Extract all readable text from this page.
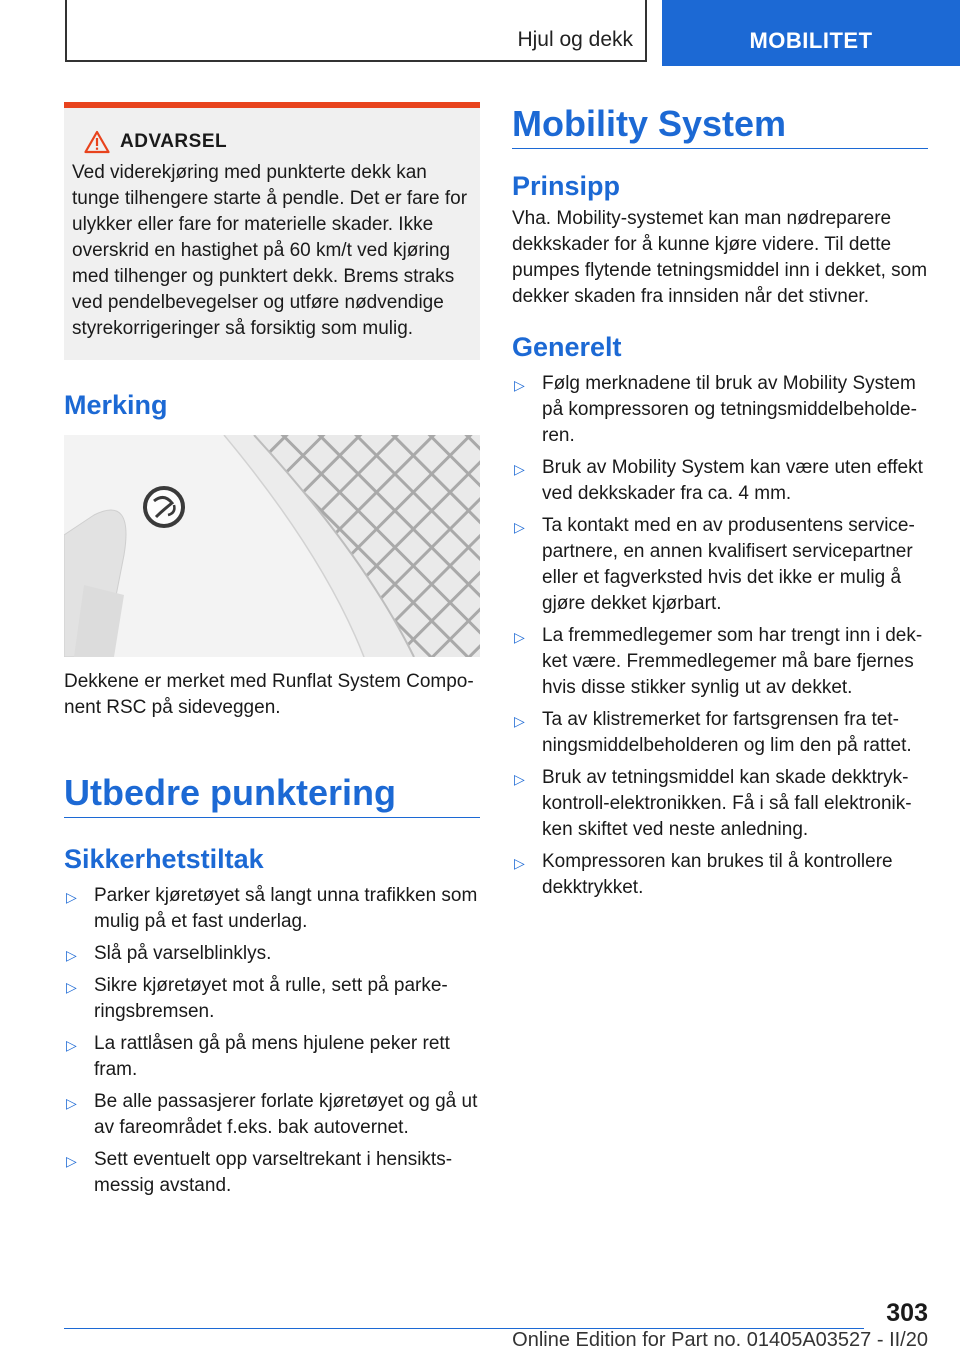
Hjul og dekk	MOBILITET
ADVARSEL

Ved viderekjøring med punkterte dekk kan tunge tilhengere starte å pendle. Det er fare for ulykker eller fare for materielle skader. Ikke overskrid en hastighet på 60 km/t ved kjøring med tilhenger og punktert dekk. Brems straks ved pendelbevegelser og utføre nødvendige styrekorrigeringer så forsiktig som mulig.

Merking

Dekkene er merket med Runflat System Component RSC på sideveggen.

Utbedre punktering
Sikkerhetstiltak
▷ Parker kjøretøyet så langt unna trafikken som mulig på et fast underlag.
▷ Slå på varselblinklys.
▷ Sikre kjøretøyet mot å rulle, sett på parkeringsbremsen.
▷ La rattlåsen gå på mens hjulene peker rett fram.
▷ Be alle passasjerer forlate kjøretøyet og gå ut av fareområdet f.eks. bak autovernet.
▷ Sett eventuelt opp varseltrekant i hensiktsmessig avstand.
Mobility System
Prinsipp

Vha. Mobility-systemet kan man nødreparere dekkskader for å kunne kjøre videre. Til dette pumpes flytende tetningsmiddel inn i dekket, som dekker skaden fra innsiden når det stivner.

Generelt
▷ Følg merknadene til bruk av Mobility System på kompressoren og tetningsmiddelbeholderen.
▷ Bruk av Mobility System kan være uten effekt ved dekkskader fra ca. 4 mm.
▷ Ta kontakt med en av produsentens servicepartnere, en annen kvalifisert servicepartner eller et fagverksted hvis det ikke er mulig å gjøre dekket kjørbart.
▷ La fremmedlegemer som har trengt inn i dekket være. Fremmedlegemer må bare fjernes hvis disse stikker synlig ut av dekket.
▷ Ta av klistremerket for fartsgrensen fra tetningsmiddelbeholderen og lim den på rattet.
▷ Bruk av tetningsmiddel kan skade dekktrykkontroll-elektronikken. Få i så fall elektronikken skiftet ved neste anledning.
▷ Kompressoren kan brukes til å kontrollere dekktrykket.
303
Online Edition for Part no. 01405A03527 - II/20
